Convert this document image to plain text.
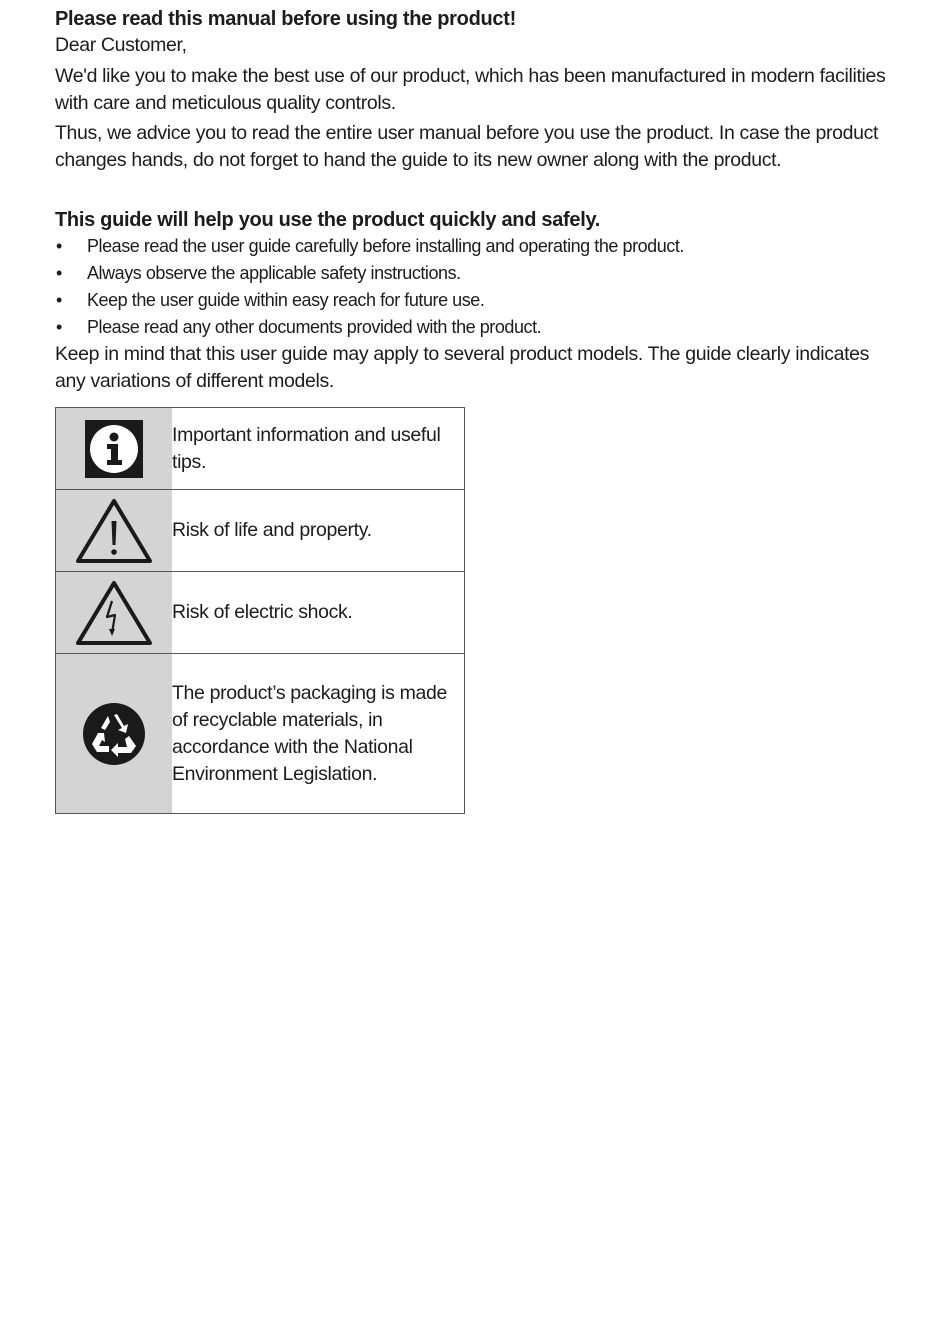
Please read this manual before using the product!

Dear Customer,

We'd like you to make the best use of our product, which has been manufactured in modern facilities with care and meticulous quality controls.

Thus, we advice you to read the entire user manual before you use the product. In case the product changes hands, do not forget to hand the guide to its new owner along with the product.

This guide will help you use the product quickly and safely.

• Please read the user guide carefully before installing and operating the product.
• Always observe the applicable safety instructions.
• Keep the user guide within easy reach for future use.
• Please read any other documents provided with the product.

Keep in mind that this user guide may apply to several product models. The guide clearly indicates any variations of different models.

	Important information and useful tips.

	Risk of life and property.

	Risk of electric shock.

	The product’s packaging is made of recyclable materials, in accordance with the National Environment Legislation.
